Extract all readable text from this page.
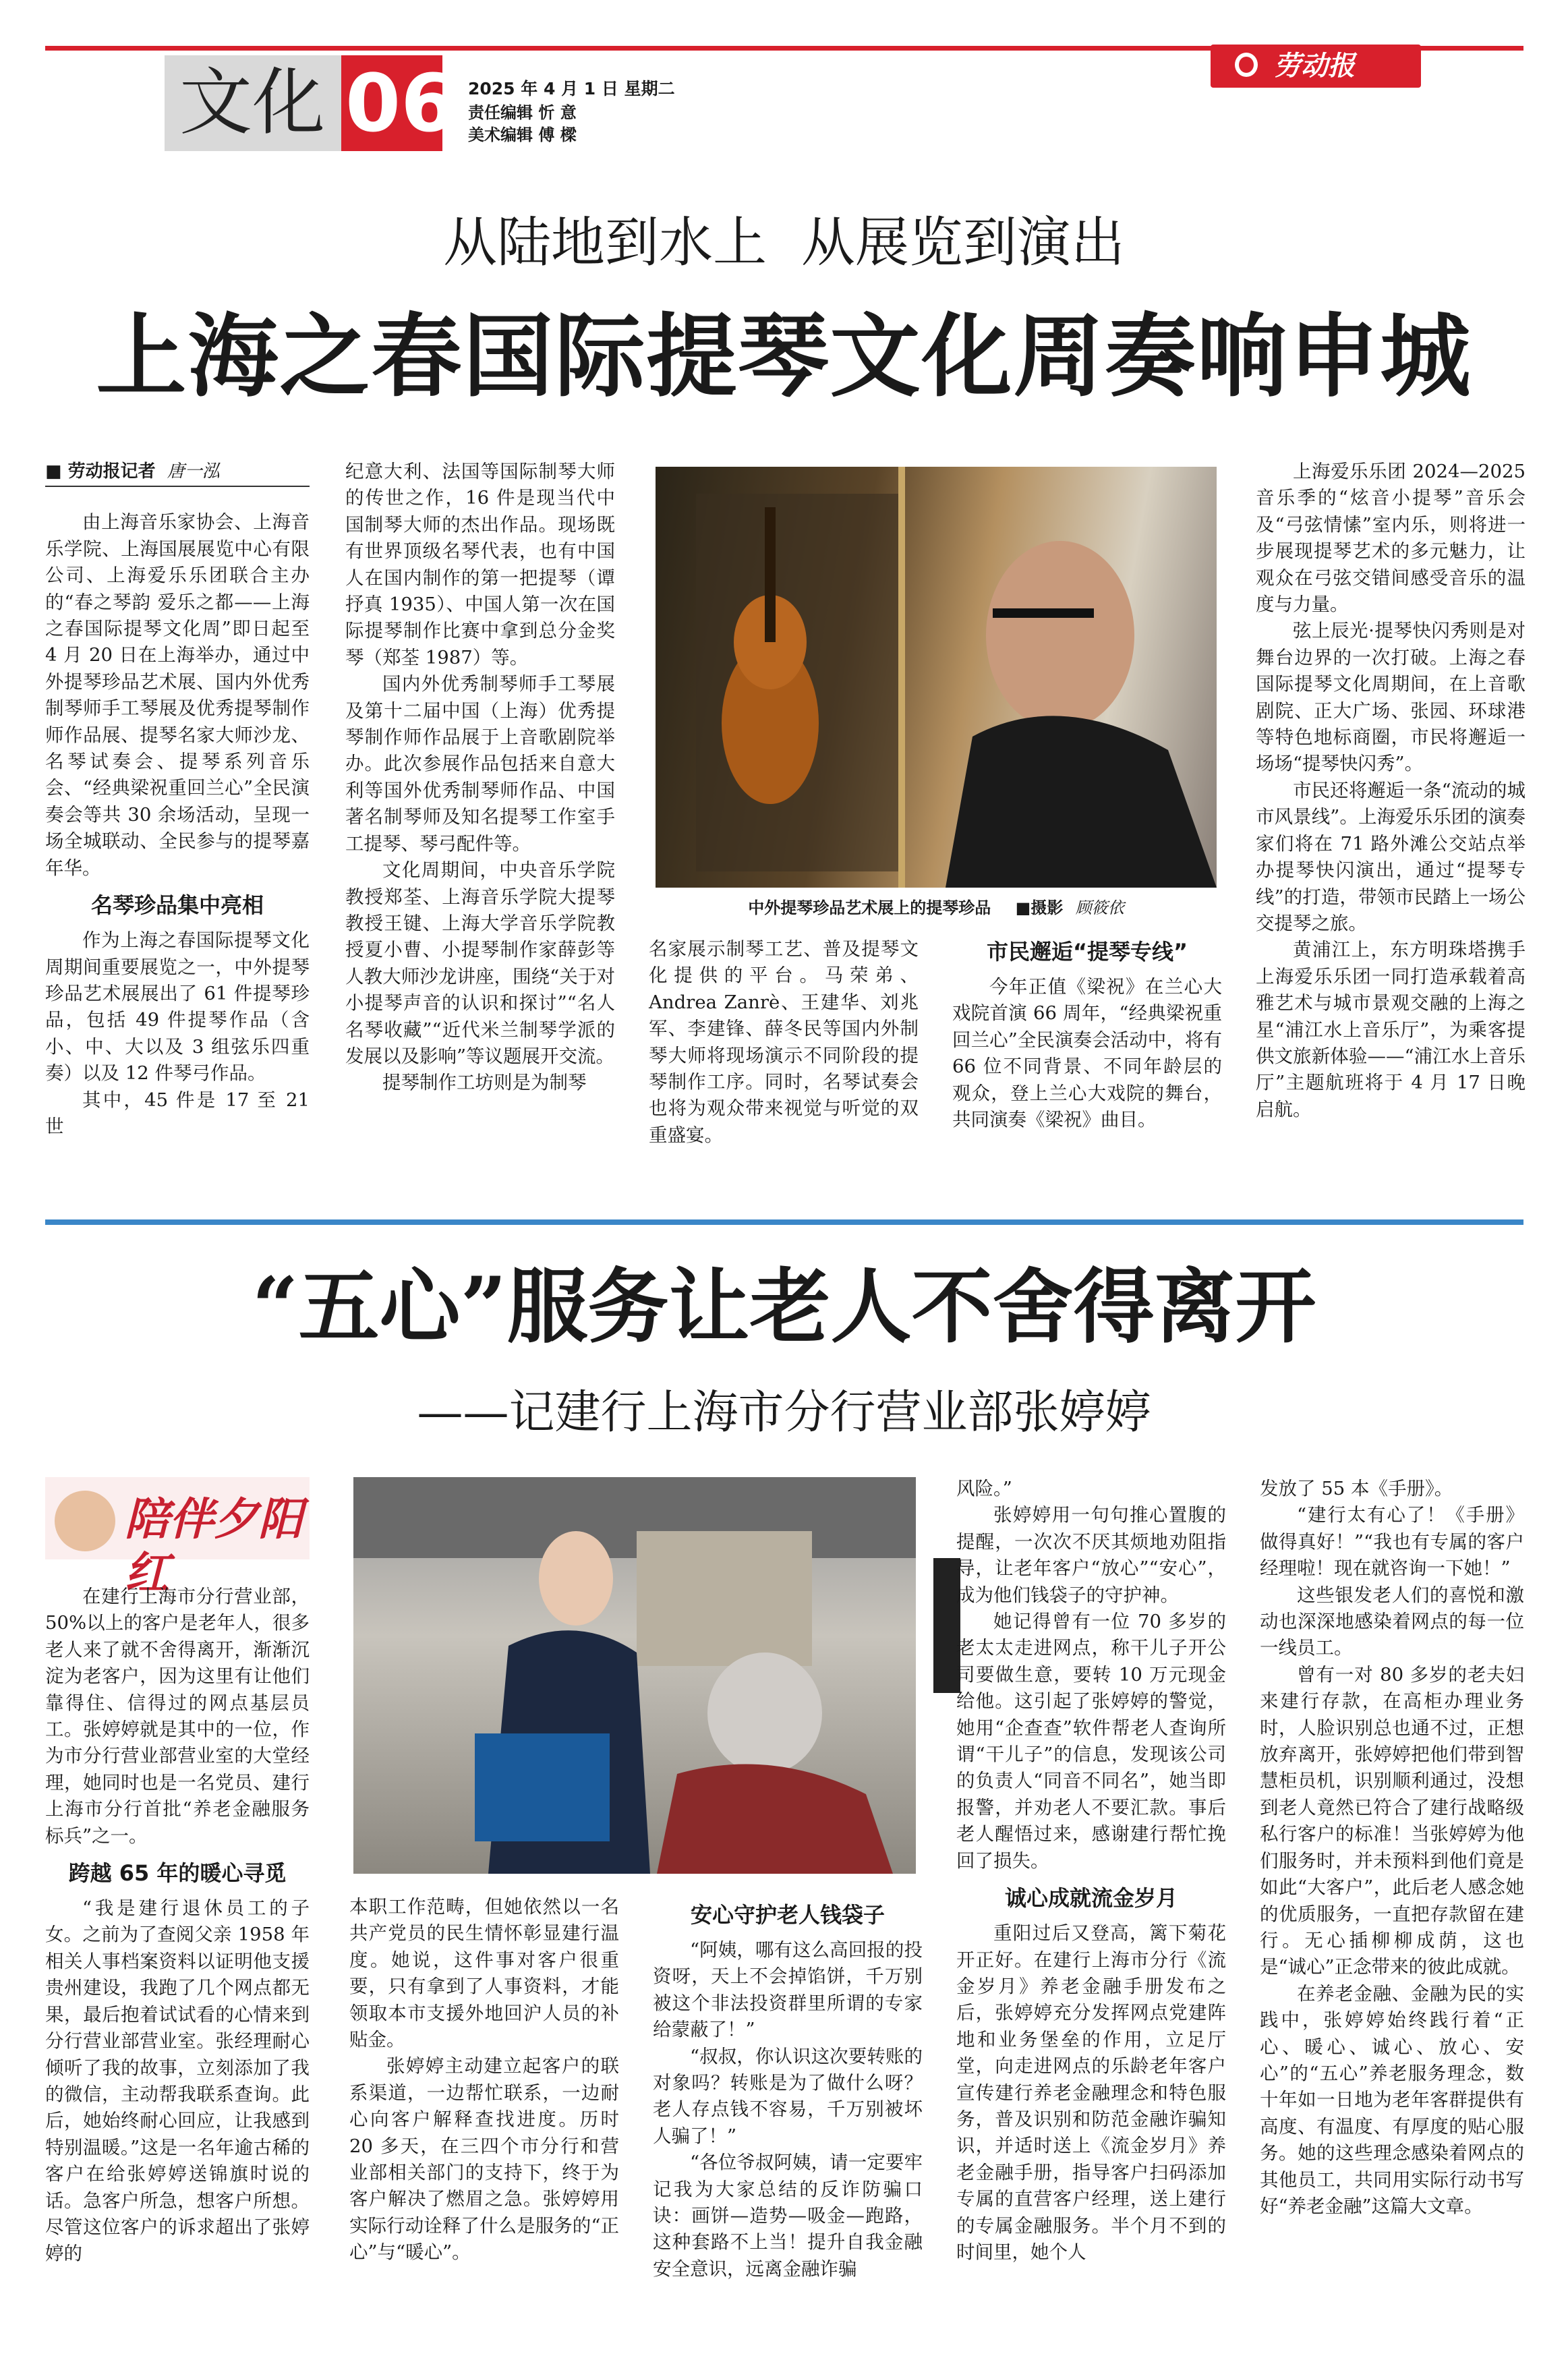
文化 06 2025 年 4 月 1 日 星期二
责任编辑 忻 意
美术编辑 傅 樑
劳动报
从陆地到水上  从展览到演出
上海之春国际提琴文化周奏响申城
■ 劳动报记者 唐一泓

由上海音乐家协会、上海音乐学院、上海国展展览中心有限公司、上海爱乐乐团联合主办的“春之琴韵 爱乐之都——上海之春国际提琴文化周”即日起至 4 月 20 日在上海举办，通过中外提琴珍品艺术展、国内外优秀制琴师手工琴展及优秀提琴制作师作品展、提琴名家大师沙龙、名琴试奏会、提琴系列音乐会、“经典梁祝重回兰心”全民演奏会等共 30 余场活动，呈现一场全城联动、全民参与的提琴嘉年华。

名琴珍品集中亮相

作为上海之春国际提琴文化周期间重要展览之一，中外提琴珍品艺术展展出了 61 件提琴珍品，包括 49 件提琴作品（含小、中、大以及 3 组弦乐四重奏）以及 12 件琴弓作品。

其中，45 件是 17 至 21 世

纪意大利、法国等国际制琴大师的传世之作，16 件是现当代中国制琴大师的杰出作品。现场既有世界顶级名琴代表，也有中国人在国内制作的第一把提琴（谭抒真 1935）、中国人第一次在国际提琴制作比赛中拿到总分金奖琴（郑荃 1987）等。

国内外优秀制琴师手工琴展及第十二届中国（上海）优秀提琴制作师作品展于上音歌剧院举办。此次参展作品包括来自意大利等国外优秀制琴师作品、中国著名制琴师及知名提琴工作室手工提琴、琴弓配件等。

文化周期间，中央音乐学院教授郑荃、上海音乐学院大提琴教授王键、上海大学音乐学院教授夏小曹、小提琴制作家薛彭等人教大师沙龙讲座，围绕“关于对小提琴声音的认识和探讨”“名人名琴收藏”“近代米兰制琴学派的发展以及影响”等议题展开交流。

提琴制作工坊则是为制琴

中外提琴珍品艺术展上的提琴珍品 ■摄影 顾筱依

名家展示制琴工艺、普及提琴文化提供的平台。马荣弟、Andrea Zanrè、王建华、刘兆军、李建锋、薛冬民等国内外制琴大师将现场演示不同阶段的提琴制作工序。同时，名琴试奏会也将为观众带来视觉与听觉的双重盛宴。

市民邂逅“提琴专线”

今年正值《梁祝》在兰心大戏院首演 66 周年，“经典梁祝重回兰心”全民演奏会活动中，将有 66 位不同背景、不同年龄层的观众，登上兰心大戏院的舞台，共同演奏《梁祝》曲目。

上海爱乐乐团 2024—2025 音乐季的“炫音小提琴”音乐会及“弓弦情愫”室内乐，则将进一步展现提琴艺术的多元魅力，让观众在弓弦交错间感受音乐的温度与力量。

弦上辰光·提琴快闪秀则是对舞台边界的一次打破。上海之春国际提琴文化周期间，在上音歌剧院、正大广场、张园、环球港等特色地标商圈，市民将邂逅一场场“提琴快闪秀”。

市民还将邂逅一条“流动的城市风景线”。上海爱乐乐团的演奏家们将在 71 路外滩公交站点举办提琴快闪演出，通过“提琴专线”的打造，带领市民踏上一场公交提琴之旅。

黄浦江上，东方明珠塔携手上海爱乐乐团一同打造承载着高雅艺术与城市景观交融的上海之星“浦江水上音乐厅”，为乘客提供文旅新体验——“浦江水上音乐厅”主题航班将于 4 月 17 日晚启航。

“五心”服务让老人不舍得离开
——记建行上海市分行营业部张婷婷
陪伴夕阳红

在建行上海市分行营业部，50%以上的客户是老年人，很多老人来了就不舍得离开，渐渐沉淀为老客户，因为这里有让他们靠得住、信得过的网点基层员工。张婷婷就是其中的一位，作为市分行营业部营业室的大堂经理，她同时也是一名党员、建行上海市分行首批“养老金融服务标兵”之一。

跨越 65 年的暖心寻觅

“我是建行退休员工的子女。之前为了查阅父亲 1958 年相关人事档案资料以证明他支援贵州建设，我跑了几个网点都无果，最后抱着试试看的心情来到分行营业部营业室。张经理耐心倾听了我的故事，立刻添加了我的微信，主动帮我联系查询。此后，她始终耐心回应，让我感到特别温暖。”这是一名年逾古稀的客户在给张婷婷送锦旗时说的话。急客户所急，想客户所想。尽管这位客户的诉求超出了张婷婷的

本职工作范畴，但她依然以一名共产党员的民生情怀彰显建行温度。她说，这件事对客户很重要，只有拿到了人事资料，才能领取本市支援外地回沪人员的补贴金。

张婷婷主动建立起客户的联系渠道，一边帮忙联系，一边耐心向客户解释查找进度。历时 20 多天，在三四个市分行和营业部相关部门的支持下，终于为客户解决了燃眉之急。张婷婷用实际行动诠释了什么是服务的“正心”与“暖心”。

安心守护老人钱袋子

“阿姨，哪有这么高回报的投资呀，天上不会掉馅饼，千万别被这个非法投资群里所谓的专家给蒙蔽了！”

“叔叔，你认识这次要转账的对象吗？转账是为了做什么呀？老人存点钱不容易，千万别被坏人骗了！”

“各位爷叔阿姨，请一定要牢记我为大家总结的反诈防骗口诀：画饼—造势—吸金—跑路，这种套路不上当！提升自我金融安全意识，远离金融诈骗

风险。”

张婷婷用一句句推心置腹的提醒，一次次不厌其烦地劝阻指导，让老年客户“放心”“安心”，成为他们钱袋子的守护神。

她记得曾有一位 70 多岁的老太太走进网点，称干儿子开公司要做生意，要转 10 万元现金给他。这引起了张婷婷的警觉，她用“企查查”软件帮老人查询所谓“干儿子”的信息，发现该公司的负责人“同音不同名”，她当即报警，并劝老人不要汇款。事后老人醒悟过来，感谢建行帮忙挽回了损失。

诚心成就流金岁月

重阳过后又登高，篱下菊花开正好。在建行上海市分行《流金岁月》养老金融手册发布之后，张婷婷充分发挥网点党建阵地和业务堡垒的作用，立足厅堂，向走进网点的乐龄老年客户宣传建行养老金融理念和特色服务，普及识别和防范金融诈骗知识，并适时送上《流金岁月》养老金融手册，指导客户扫码添加专属的直营客户经理，送上建行的专属金融服务。半个月不到的时间里，她个人

发放了 55 本《手册》。

“建行太有心了！《手册》做得真好！”“我也有专属的客户经理啦！现在就咨询一下她！”

这些银发老人们的喜悦和激动也深深地感染着网点的每一位一线员工。

曾有一对 80 多岁的老夫妇来建行存款，在高柜办理业务时，人脸识别总也通不过，正想放弃离开，张婷婷把他们带到智慧柜员机，识别顺利通过，没想到老人竟然已符合了建行战略级私行客户的标准！当张婷婷为他们服务时，并未预料到他们竟是如此“大客户”，此后老人感念她的优质服务，一直把存款留在建行。无心插柳柳成荫，这也是“诚心”正念带来的彼此成就。

在养老金融、金融为民的实践中，张婷婷始终践行着“正心、暖心、诚心、放心、安心”的“五心”养老服务理念，数十年如一日地为老年客群提供有高度、有温度、有厚度的贴心服务。她的这些理念感染着网点的其他员工，共同用实际行动书写好“养老金融”这篇大文章。
